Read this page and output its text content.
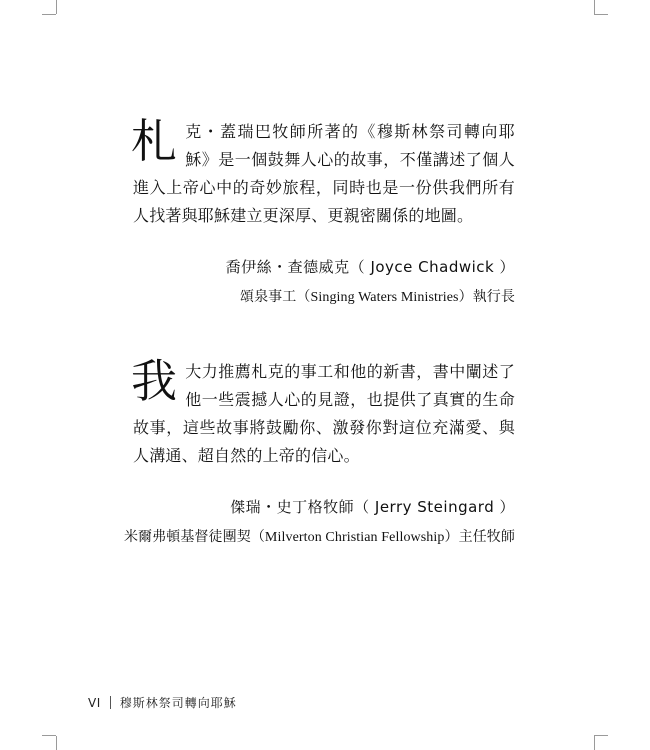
札克・蓋瑞巴牧師所著的《穆斯林祭司轉向耶穌》是一個鼓舞人心的故事，不僅講述了個人進入上帝心中的奇妙旅程，同時也是一份供我們所有人找著與耶穌建立更深厚、更親密關係的地圖。
喬伊絲・查德威克（ Joyce Chadwick ）
頌泉事工（Singing Waters Ministries）執行長
我大力推薦札克的事工和他的新書，書中闡述了他一些震撼人心的見證，也提供了真實的生命故事，這些故事將鼓勵你、激發你對這位充滿愛、與人溝通、超自然的上帝的信心。
傑瑞・史丁格牧師（ Jerry Steingard ）
米爾弗頓基督徒團契（Milverton Christian Fellowship）主任牧師
VI 穆斯林祭司轉向耶穌
